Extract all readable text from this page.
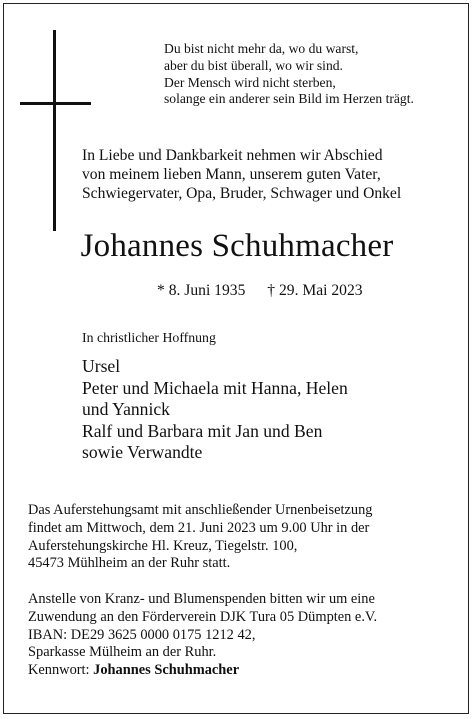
Du bist nicht mehr da, wo du warst,
aber du bist überall, wo wir sind.
Der Mensch wird nicht sterben,
solange ein anderer sein Bild im Herzen trägt.
In Liebe und Dankbarkeit nehmen wir Abschied
von meinem lieben Mann, unserem guten Vater,
Schwiegervater, Opa, Bruder, Schwager und Onkel
Johannes Schuhmacher
* 8. Juni 1935 † 29. Mai 2023
In christlicher Hoffnung
Ursel
Peter und Michaela mit Hanna, Helen
und Yannick
Ralf und Barbara mit Jan und Ben
sowie Verwandte
Das Auferstehungsamt mit anschließender Urnenbeisetzung
findet am Mittwoch, dem 21. Juni 2023 um 9.00 Uhr in der
Auferstehungskirche Hl. Kreuz, Tiegelstr. 100,
45473 Mühlheim an der Ruhr statt.
Anstelle von Kranz- und Blumenspenden bitten wir um eine
Zuwendung an den Förderverein DJK Tura 05 Dümpten e.V.
IBAN: DE29 3625 0000 0175 1212 42,
Sparkasse Mülheim an der Ruhr.
Kennwort: Johannes Schuhmacher
